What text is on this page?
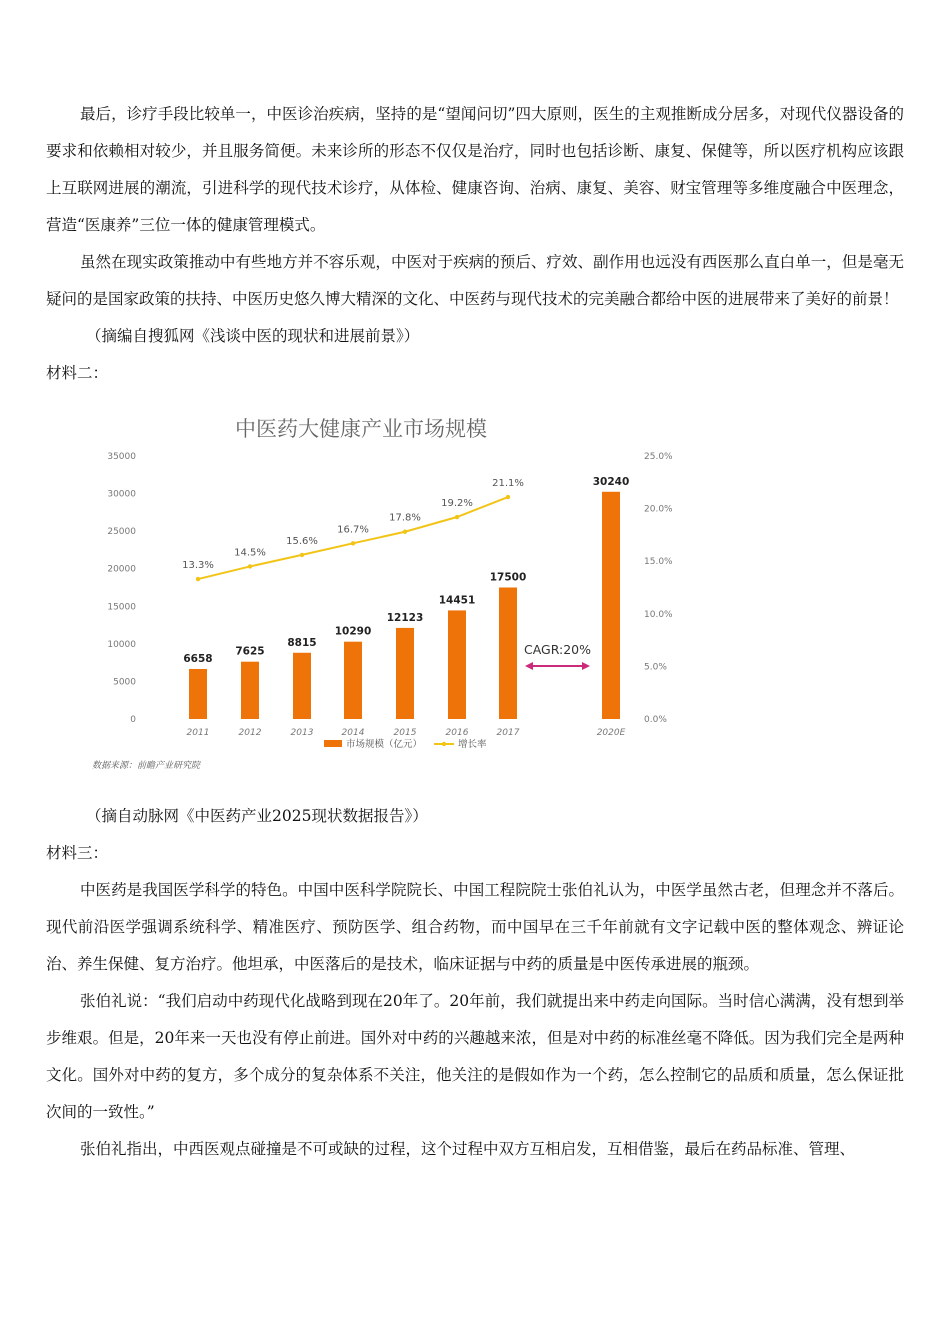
最后，诊疗手段比较单一，中医诊治疾病，坚持的是“望闻问切”四大原则，医生的主观推断成分居多，对现代仪器设备的要求和依赖相对较少，并且服务简便。未来诊所的形态不仅仅是治疗，同时也包括诊断、康复、保健等，所以医疗机构应该跟上互联网进展的潮流，引进科学的现代技术诊疗，从体检、健康咨询、治病、康复、美容、财宝管理等多维度融合中医理念，营造“医康养”三位一体的健康管理模式。

虽然在现实政策推动中有些地方并不容乐观，中医对于疾病的预后、疗效、副作用也远没有西医那么直白单一，但是毫无疑问的是国家政策的扶持、中医历史悠久博大精深的文化、中医药与现代技术的完美融合都给中医的进展带来了美好的前景！

（摘编自搜狐网《浅谈中医的现状和进展前景》）

材料二：

中医药大健康产业市场规模
0
5000
10000
15000
20000
25000
30000
35000
0.0%
5.0%
10.0%
15.0%
20.0%
25.0%
6658
7625
8815
10290
12123
14451
17500
30240
2011	2012	2013	2014	2015	2016	2017	2020E
13.3%
14.5%
15.6%
16.7%
17.8%
19.2%
21.1%
CAGR:20%
市场规模（亿元）	增长率
数据来源：前瞻产业研究院

（摘自动脉网《中医药产业2025现状数据报告》）

材料三：

中医药是我国医学科学的特色。中国中医科学院院长、中国工程院院士张伯礼认为，中医学虽然古老，但理念并不落后。现代前沿医学强调系统科学、精准医疗、预防医学、组合药物，而中国早在三千年前就有文字记载中医的整体观念、辨证论治、养生保健、复方治疗。他坦承，中医落后的是技术，临床证据与中药的质量是中医传承进展的瓶颈。

张伯礼说：“我们启动中药现代化战略到现在20年了。20年前，我们就提出来中药走向国际。当时信心满满，没有想到举步维艰。但是，20年来一天也没有停止前进。国外对中药的兴趣越来浓，但是对中药的标准丝毫不降低。因为我们完全是两种文化。国外对中药的复方，多个成分的复杂体系不关注，他关注的是假如作为一个药，怎么控制它的品质和质量，怎么保证批次间的一致性。”

张伯礼指出，中西医观点碰撞是不可或缺的过程，这个过程中双方互相启发，互相借鉴，最后在药品标准、管理、
